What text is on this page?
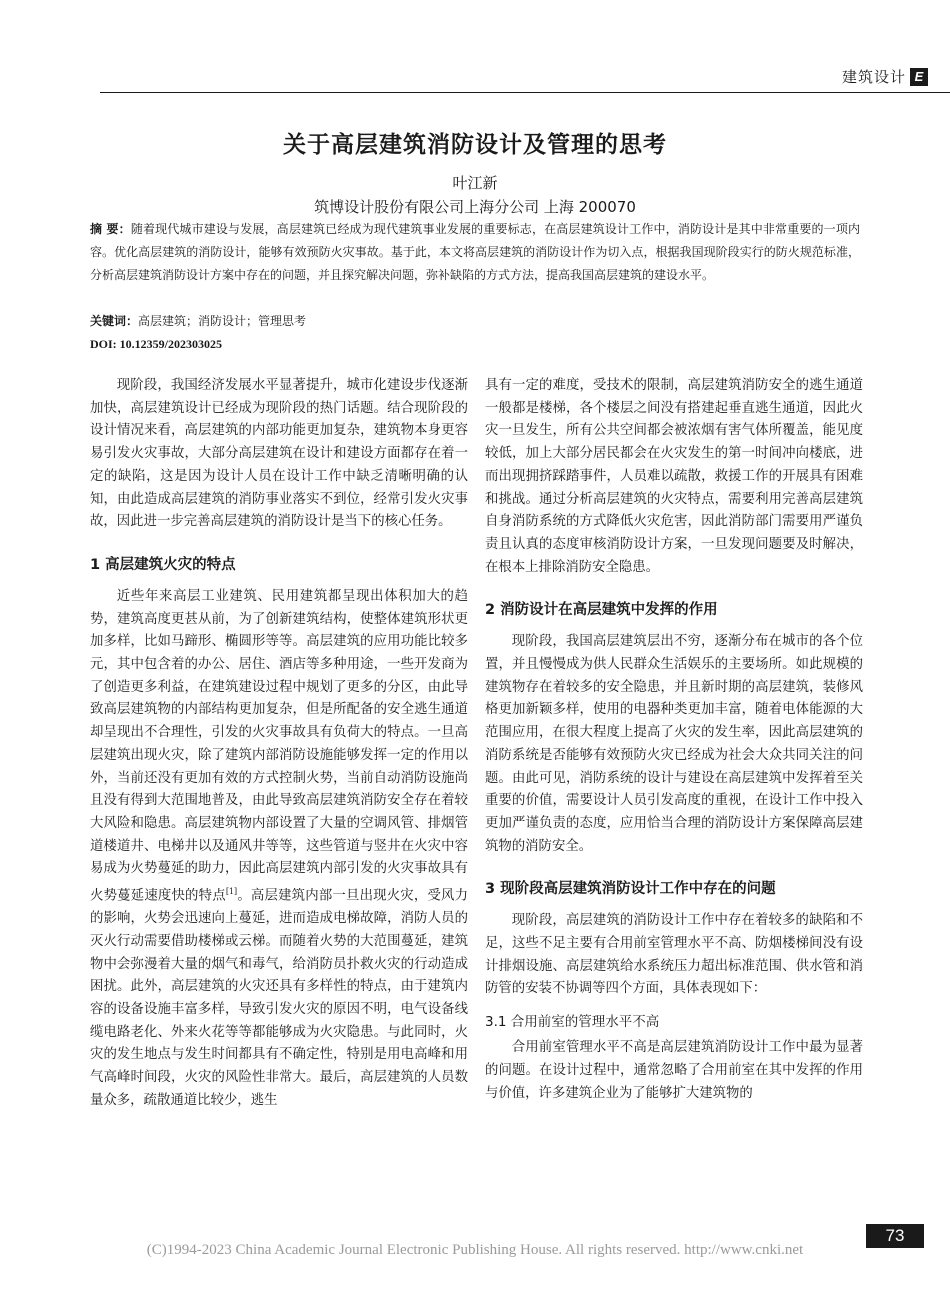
建筑设计 E
关于高层建筑消防设计及管理的思考
叶江新
筑博设计股份有限公司上海分公司 上海 200070
摘 要：随着现代城市建设与发展，高层建筑已经成为现代建筑事业发展的重要标志，在高层建筑设计工作中，消防设计是其中非常重要的一项内容。优化高层建筑的消防设计，能够有效预防火灾事故。基于此，本文将高层建筑的消防设计作为切入点，根据我国现阶段实行的防火规范标准，分析高层建筑消防设计方案中存在的问题，并且探究解决问题，弥补缺陷的方式方法，提高我国高层建筑的建设水平。
关键词：高层建筑；消防设计；管理思考
DOI: 10.12359/202303025

现阶段，我国经济发展水平显著提升，城市化建设步伐逐渐加快，高层建筑设计已经成为现阶段的热门话题。结合现阶段的设计情况来看，高层建筑的内部功能更加复杂，建筑物本身更容易引发火灾事故，大部分高层建筑在设计和建设方面都存在着一定的缺陷，这是因为设计人员在设计工作中缺乏清晰明确的认知，由此造成高层建筑的消防事业落实不到位，经常引发火灾事故，因此进一步完善高层建筑的消防设计是当下的核心任务。

1 高层建筑火灾的特点

近些年来高层工业建筑、民用建筑都呈现出体积加大的趋势，建筑高度更甚从前，为了创新建筑结构，使整体建筑形状更加多样，比如马蹄形、椭圆形等等。高层建筑的应用功能比较多元，其中包含着的办公、居住、酒店等多种用途，一些开发商为了创造更多利益，在建筑建设过程中规划了更多的分区，由此导致高层建筑物的内部结构更加复杂，但是所配备的安全逃生通道却呈现出不合理性，引发的火灾事故具有负荷大的特点。一旦高层建筑出现火灾，除了建筑内部消防设施能够发挥一定的作用以外，当前还没有更加有效的方式控制火势，当前自动消防设施尚且没有得到大范围地普及，由此导致高层建筑消防安全存在着较大风险和隐患。高层建筑物内部设置了大量的空调风管、排烟管道楼道井、电梯井以及通风井等等，这些管道与竖井在火灾中容易成为火势蔓延的助力，因此高层建筑内部引发的火灾事故具有火势蔓延速度快的特点[1]。高层建筑内部一旦出现火灾，受风力的影响，火势会迅速向上蔓延，进而造成电梯故障，消防人员的灭火行动需要借助楼梯或云梯。而随着火势的大范围蔓延，建筑物中会弥漫着大量的烟气和毒气，给消防员扑救火灾的行动造成困扰。此外，高层建筑的火灾还具有多样性的特点，由于建筑内容的设备设施丰富多样，导致引发火灾的原因不明，电气设备线缆电路老化、外来火花等等都能够成为火灾隐患。与此同时，火灾的发生地点与发生时间都具有不确定性，特别是用电高峰和用气高峰时间段，火灾的风险性非常大。最后，高层建筑的人员数量众多，疏散通道比较少，逃生

具有一定的难度，受技术的限制，高层建筑消防安全的逃生通道一般都是楼梯，各个楼层之间没有搭建起垂直逃生通道，因此火灾一旦发生，所有公共空间都会被浓烟有害气体所覆盖，能见度较低，加上大部分居民都会在火灾发生的第一时间冲向楼底，进而出现拥挤踩踏事件，人员难以疏散，救援工作的开展具有困难和挑战。通过分析高层建筑的火灾特点，需要利用完善高层建筑自身消防系统的方式降低火灾危害，因此消防部门需要用严谨负责且认真的态度审核消防设计方案，一旦发现问题要及时解决，在根本上排除消防安全隐患。

2 消防设计在高层建筑中发挥的作用

现阶段，我国高层建筑层出不穷，逐渐分布在城市的各个位置，并且慢慢成为供人民群众生活娱乐的主要场所。如此规模的建筑物存在着较多的安全隐患，并且新时期的高层建筑，装修风格更加新颖多样，使用的电器种类更加丰富，随着电体能源的大范围应用，在很大程度上提高了火灾的发生率，因此高层建筑的消防系统是否能够有效预防火灾已经成为社会大众共同关注的问题。由此可见，消防系统的设计与建设在高层建筑中发挥着至关重要的价值，需要设计人员引发高度的重视，在设计工作中投入更加严谨负责的态度，应用恰当合理的消防设计方案保障高层建筑物的消防安全。

3 现阶段高层建筑消防设计工作中存在的问题

现阶段，高层建筑的消防设计工作中存在着较多的缺陷和不足，这些不足主要有合用前室管理水平不高、防烟楼梯间没有设计排烟设施、高层建筑给水系统压力超出标准范围、供水管和消防管的安装不协调等四个方面，具体表现如下：

3.1 合用前室的管理水平不高

合用前室管理水平不高是高层建筑消防设计工作中最为显著的问题。在设计过程中，通常忽略了合用前室在其中发挥的作用与价值，许多建筑企业为了能够扩大建筑物的

73
(C)1994-2023 China Academic Journal Electronic Publishing House. All rights reserved. http://www.cnki.net
